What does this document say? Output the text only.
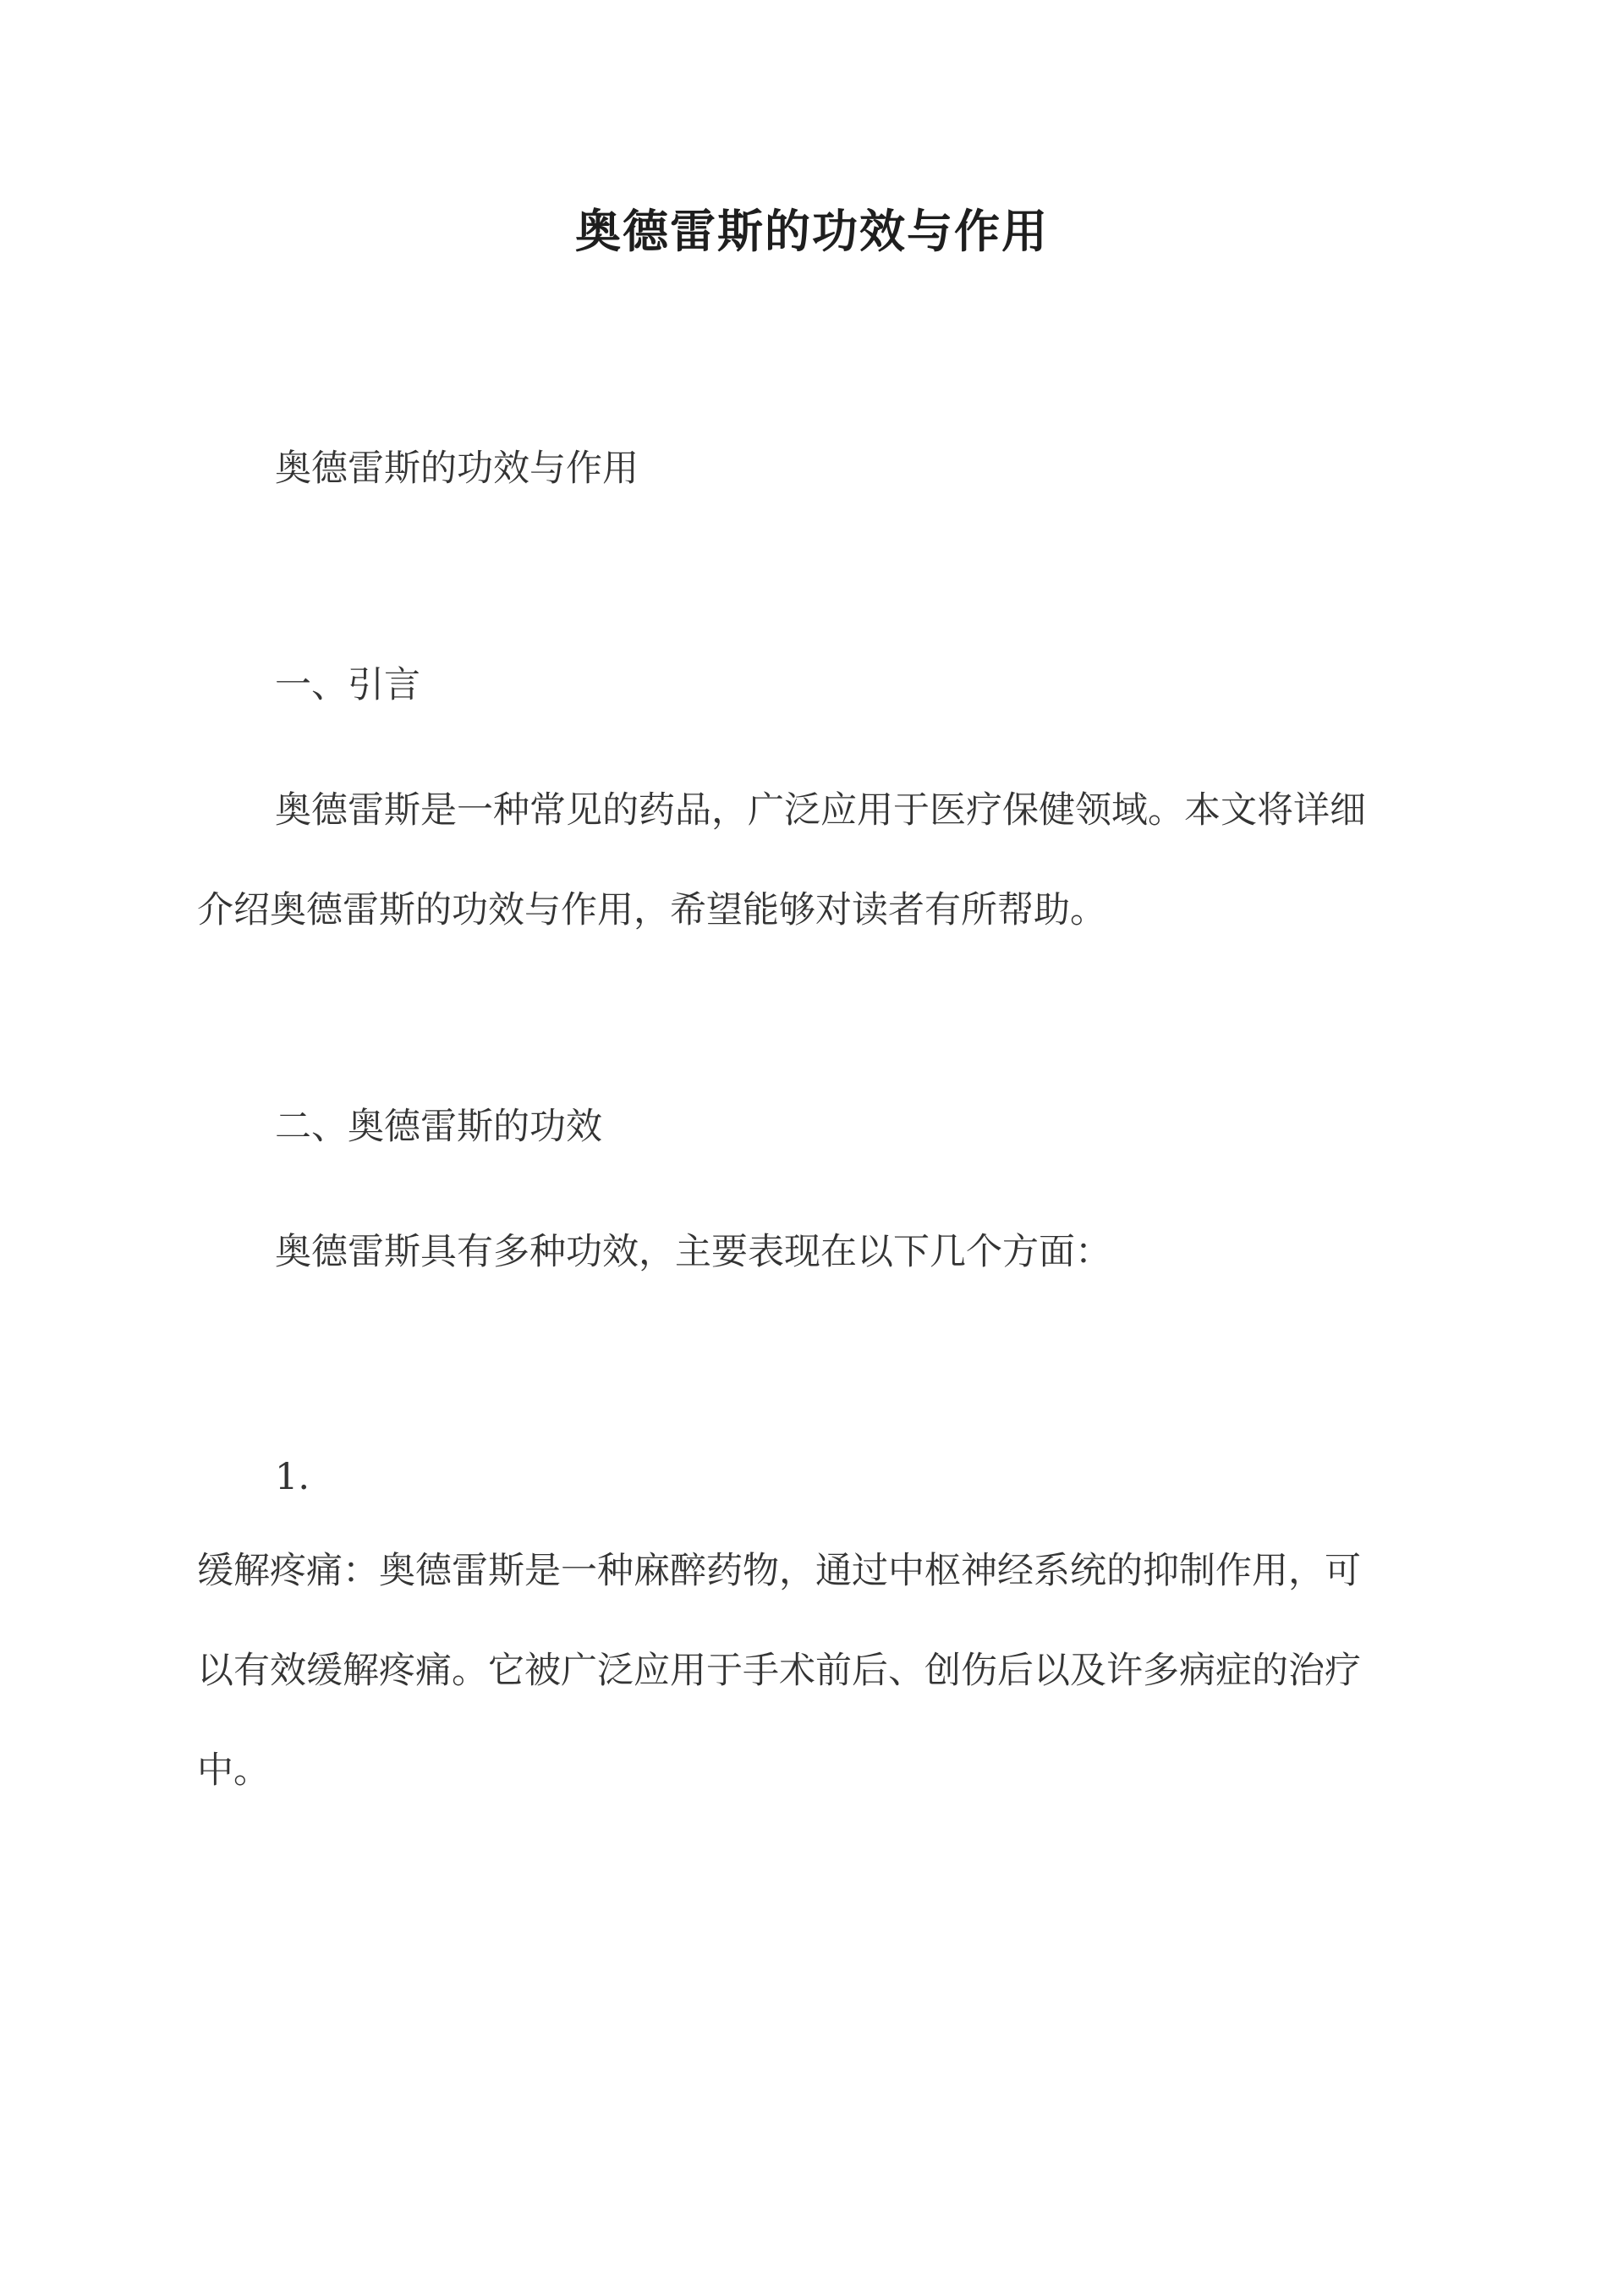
奥德雷斯的功效与作用
奥德雷斯的功效与作用
一、引言
奥德雷斯是一种常见的药品，广泛应用于医疗保健领域。本文将详细
介绍奥德雷斯的功效与作用，希望能够对读者有所帮助。
二、奥德雷斯的功效
奥德雷斯具有多种功效，主要表现在以下几个方面：
1.
缓解疼痛：奥德雷斯是一种麻醉药物，通过中枢神经系统的抑制作用，可
以有效缓解疼痛。它被广泛应用于手术前后、创伤后以及许多病症的治疗
中。
